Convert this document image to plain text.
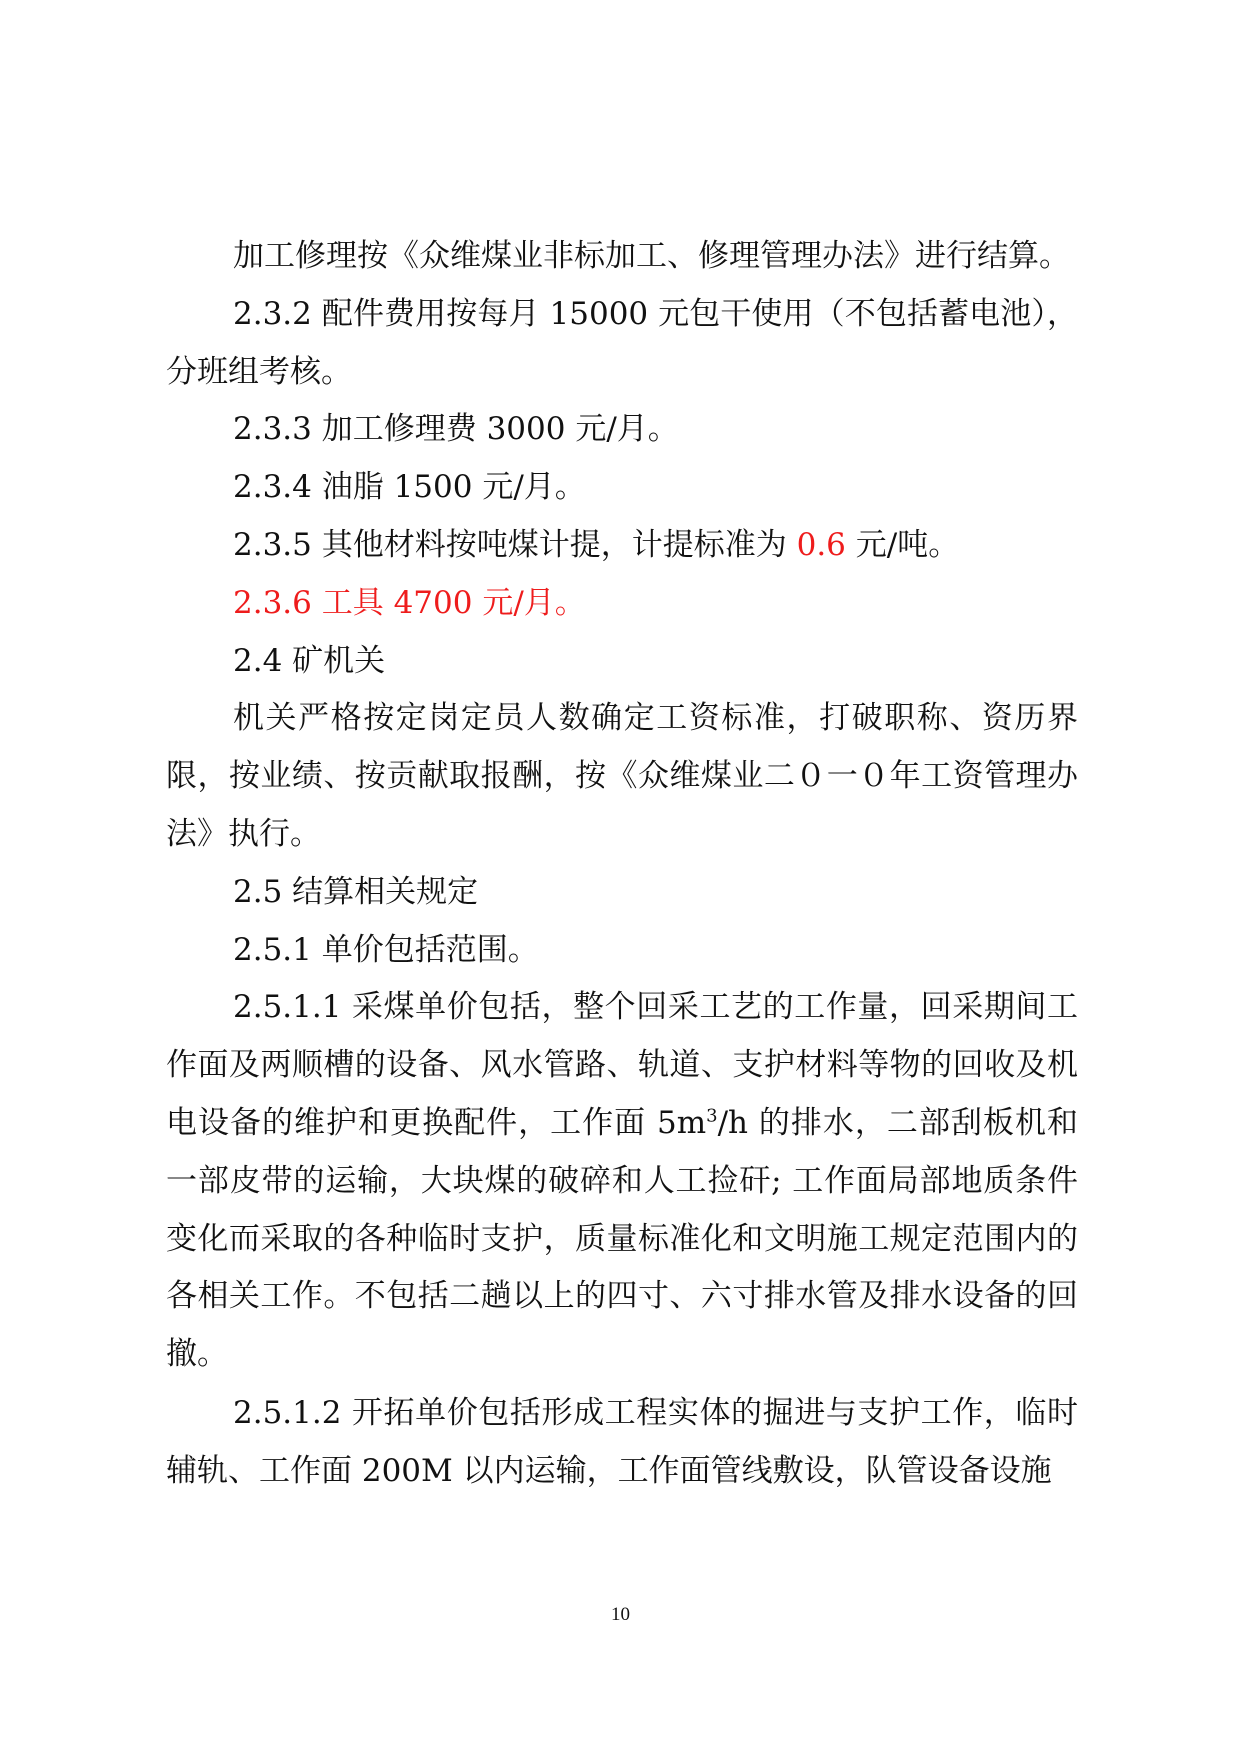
加工修理按《众维煤业非标加工、修理管理办法》进行结算。

2.3.2 配件费用按每月 15000 元包干使用（不包括蓄电池），分班组考核。

2.3.3 加工修理费 3000 元/月。

2.3.4 油脂 1500 元/月。

2.3.5 其他材料按吨煤计提，计提标准为 0.6 元/吨。

2.3.6 工具 4700 元/月。

2.4 矿机关

机关严格按定岗定员人数确定工资标准，打破职称、资历界限，按业绩、按贡献取报酬，按《众维煤业二０一０年工资管理办法》执行。

2.5 结算相关规定

2.5.1 单价包括范围。

2.5.1.1 采煤单价包括，整个回采工艺的工作量，回采期间工作面及两顺槽的设备、风水管路、轨道、支护材料等物的回收及机电设备的维护和更换配件，工作面 $5m^3/h$ 的排水，二部刮板机和一部皮带的运输，大块煤的破碎和人工捡矸; 工作面局部地质条件变化而采取的各种临时支护，质量标准化和文明施工规定范围内的各相关工作。不包括二趟以上的四寸、六寸排水管及排水设备的回撤。

2.5.1.2 开拓单价包括形成工程实体的掘进与支护工作，临时辅轨、工作面 200M 以内运输，工作面管线敷设，队管设备设施

10
